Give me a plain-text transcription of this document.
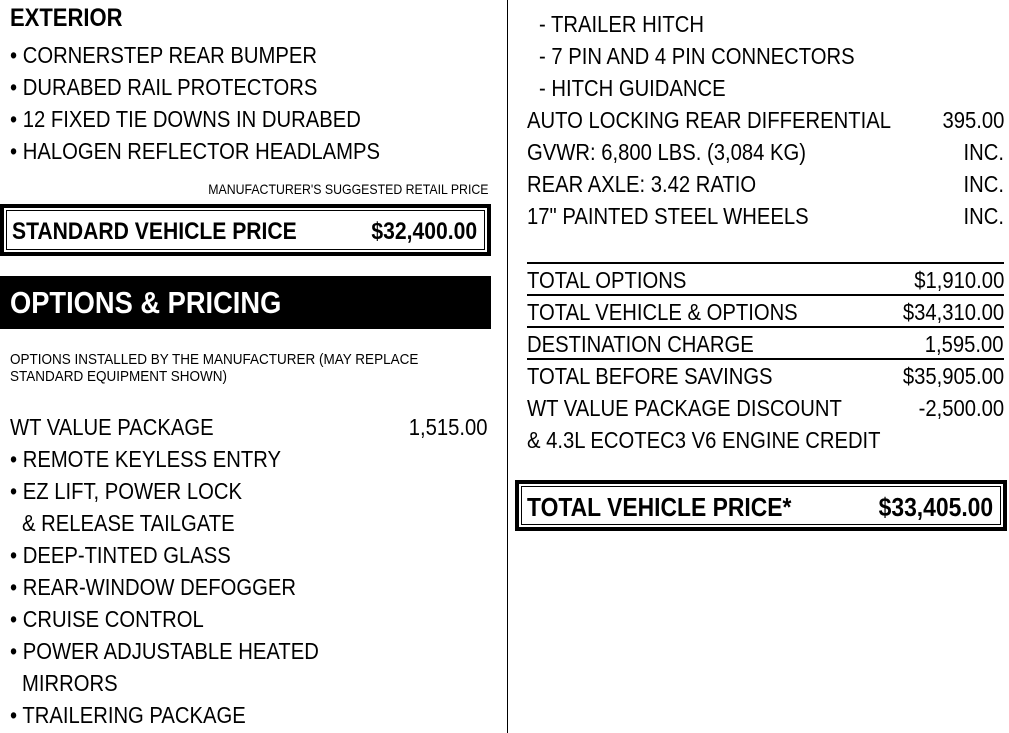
EXTERIOR
• CORNERSTEP REAR BUMPER
• DURABED RAIL PROTECTORS
• 12 FIXED TIE DOWNS IN DURABED
• HALOGEN REFLECTOR HEADLAMPS
MANUFACTURER'S SUGGESTED RETAIL PRICE
STANDARD VEHICLE PRICE	$32,400.00
OPTIONS & PRICING
OPTIONS INSTALLED BY THE MANUFACTURER (MAY REPLACE
STANDARD EQUIPMENT SHOWN)
WT VALUE PACKAGE	1,515.00
• REMOTE KEYLESS ENTRY
• EZ LIFT, POWER LOCK
& RELEASE TAILGATE
• DEEP-TINTED GLASS
• REAR-WINDOW DEFOGGER
• CRUISE CONTROL
• POWER ADJUSTABLE HEATED
MIRRORS
• TRAILERING PACKAGE
- TRAILER HITCH
- 7 PIN AND 4 PIN CONNECTORS
- HITCH GUIDANCE
AUTO LOCKING REAR DIFFERENTIAL 395.00
GVWR: 6,800 LBS. (3,084 KG)	INC.
REAR AXLE: 3.42 RATIO	INC.
17" PAINTED STEEL WHEELS	INC.
TOTAL OPTIONS	$1,910.00
TOTAL VEHICLE & OPTIONS	$34,310.00
DESTINATION CHARGE	1,595.00
TOTAL BEFORE SAVINGS	$35,905.00
WT VALUE PACKAGE DISCOUNT	-2,500.00
& 4.3L ECOTEC3 V6 ENGINE CREDIT
TOTAL VEHICLE PRICE*	$33,405.00
